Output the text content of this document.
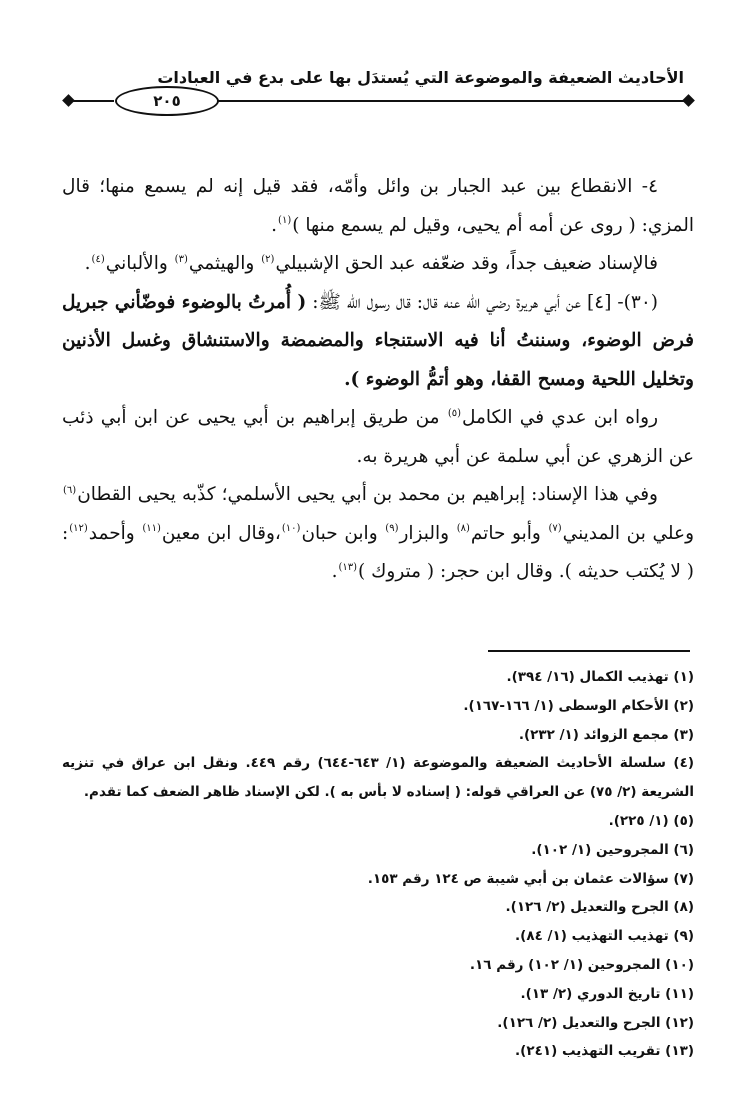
الأحاديث الضعيفة والموضوعة التي يُستدَل بها على بدع في العبادات
٢٠٥

٤- الانقطاع بين عبد الجبار بن وائل وأمّه، فقد قيل إنه لم يسمع منها؛ قال المزي: ( روى عن أمه أم يحيى، وقيل لم يسمع منها )$^{(١)}$.

فالإسناد ضعيف جداً، وقد ضعّفه عبد الحق الإشبيلي$^{(٢)}$ والهيثمي$^{(٣)}$ والألباني$^{(٤)}$.

(٣٠)- [٤] عن أبي هريرة رضي الله عنه قال: قال رسول الله ﷺ: ( أُمرتُ بالوضوء فوضّأني جبريل فرض الوضوء، وسننتُ أنا فيه الاستنجاء والمضمضة والاستنشاق وغسل الأذنين وتخليل اللحية ومسح القفا، وهو أتمُّ الوضوء ).

رواه ابن عدي في الكامل$^{(٥)}$ من طريق إبراهيم بن أبي يحيى عن ابن أبي ذئب عن الزهري عن أبي سلمة عن أبي هريرة به.

وفي هذا الإسناد: إبراهيم بن محمد بن أبي يحيى الأسلمي؛ كذّبه يحيى القطان$^{(٦)}$ وعلي بن المديني$^{(٧)}$ وأبو حاتم$^{(٨)}$ والبزار$^{(٩)}$ وابن حبان$^{(١٠)}$،وقال ابن معين$^{(١١)}$ وأحمد$^{(١٢)}$: ( لا يُكتب حديثه ). وقال ابن حجر: ( متروك )$^{(١٣)}$.

(١) تهذيب الكمال (١٦/ ٣٩٤).

(٢) الأحكام الوسطى (١/ ١٦٦-١٦٧).

(٣) مجمع الزوائد (١/ ٢٣٢).

(٤) سلسلة الأحاديث الضعيفة والموضوعة (١/ ٦٤٣-٦٤٤) رقم ٤٤٩. ونقل ابن عراق في تنزيه الشريعة (٢/ ٧٥) عن العراقي قوله: ( إسناده لا بأس به ). لكن الإسناد ظاهر الضعف كما تقدم.

(٥) (١/ ٢٢٥).

(٦) المجروحين (١/ ١٠٢).

(٧) سؤالات عثمان بن أبي شيبة ص ١٢٤ رقم ١٥٣.

(٨) الجرح والتعديل (٢/ ١٢٦).

(٩) تهذيب التهذيب (١/ ٨٤).

(١٠) المجروحين (١/ ١٠٢) رقم ١٦.

(١١) تاريخ الدوري (٢/ ١٣).

(١٢) الجرح والتعديل (٢/ ١٢٦).

(١٣) تقريب التهذيب (٢٤١).
